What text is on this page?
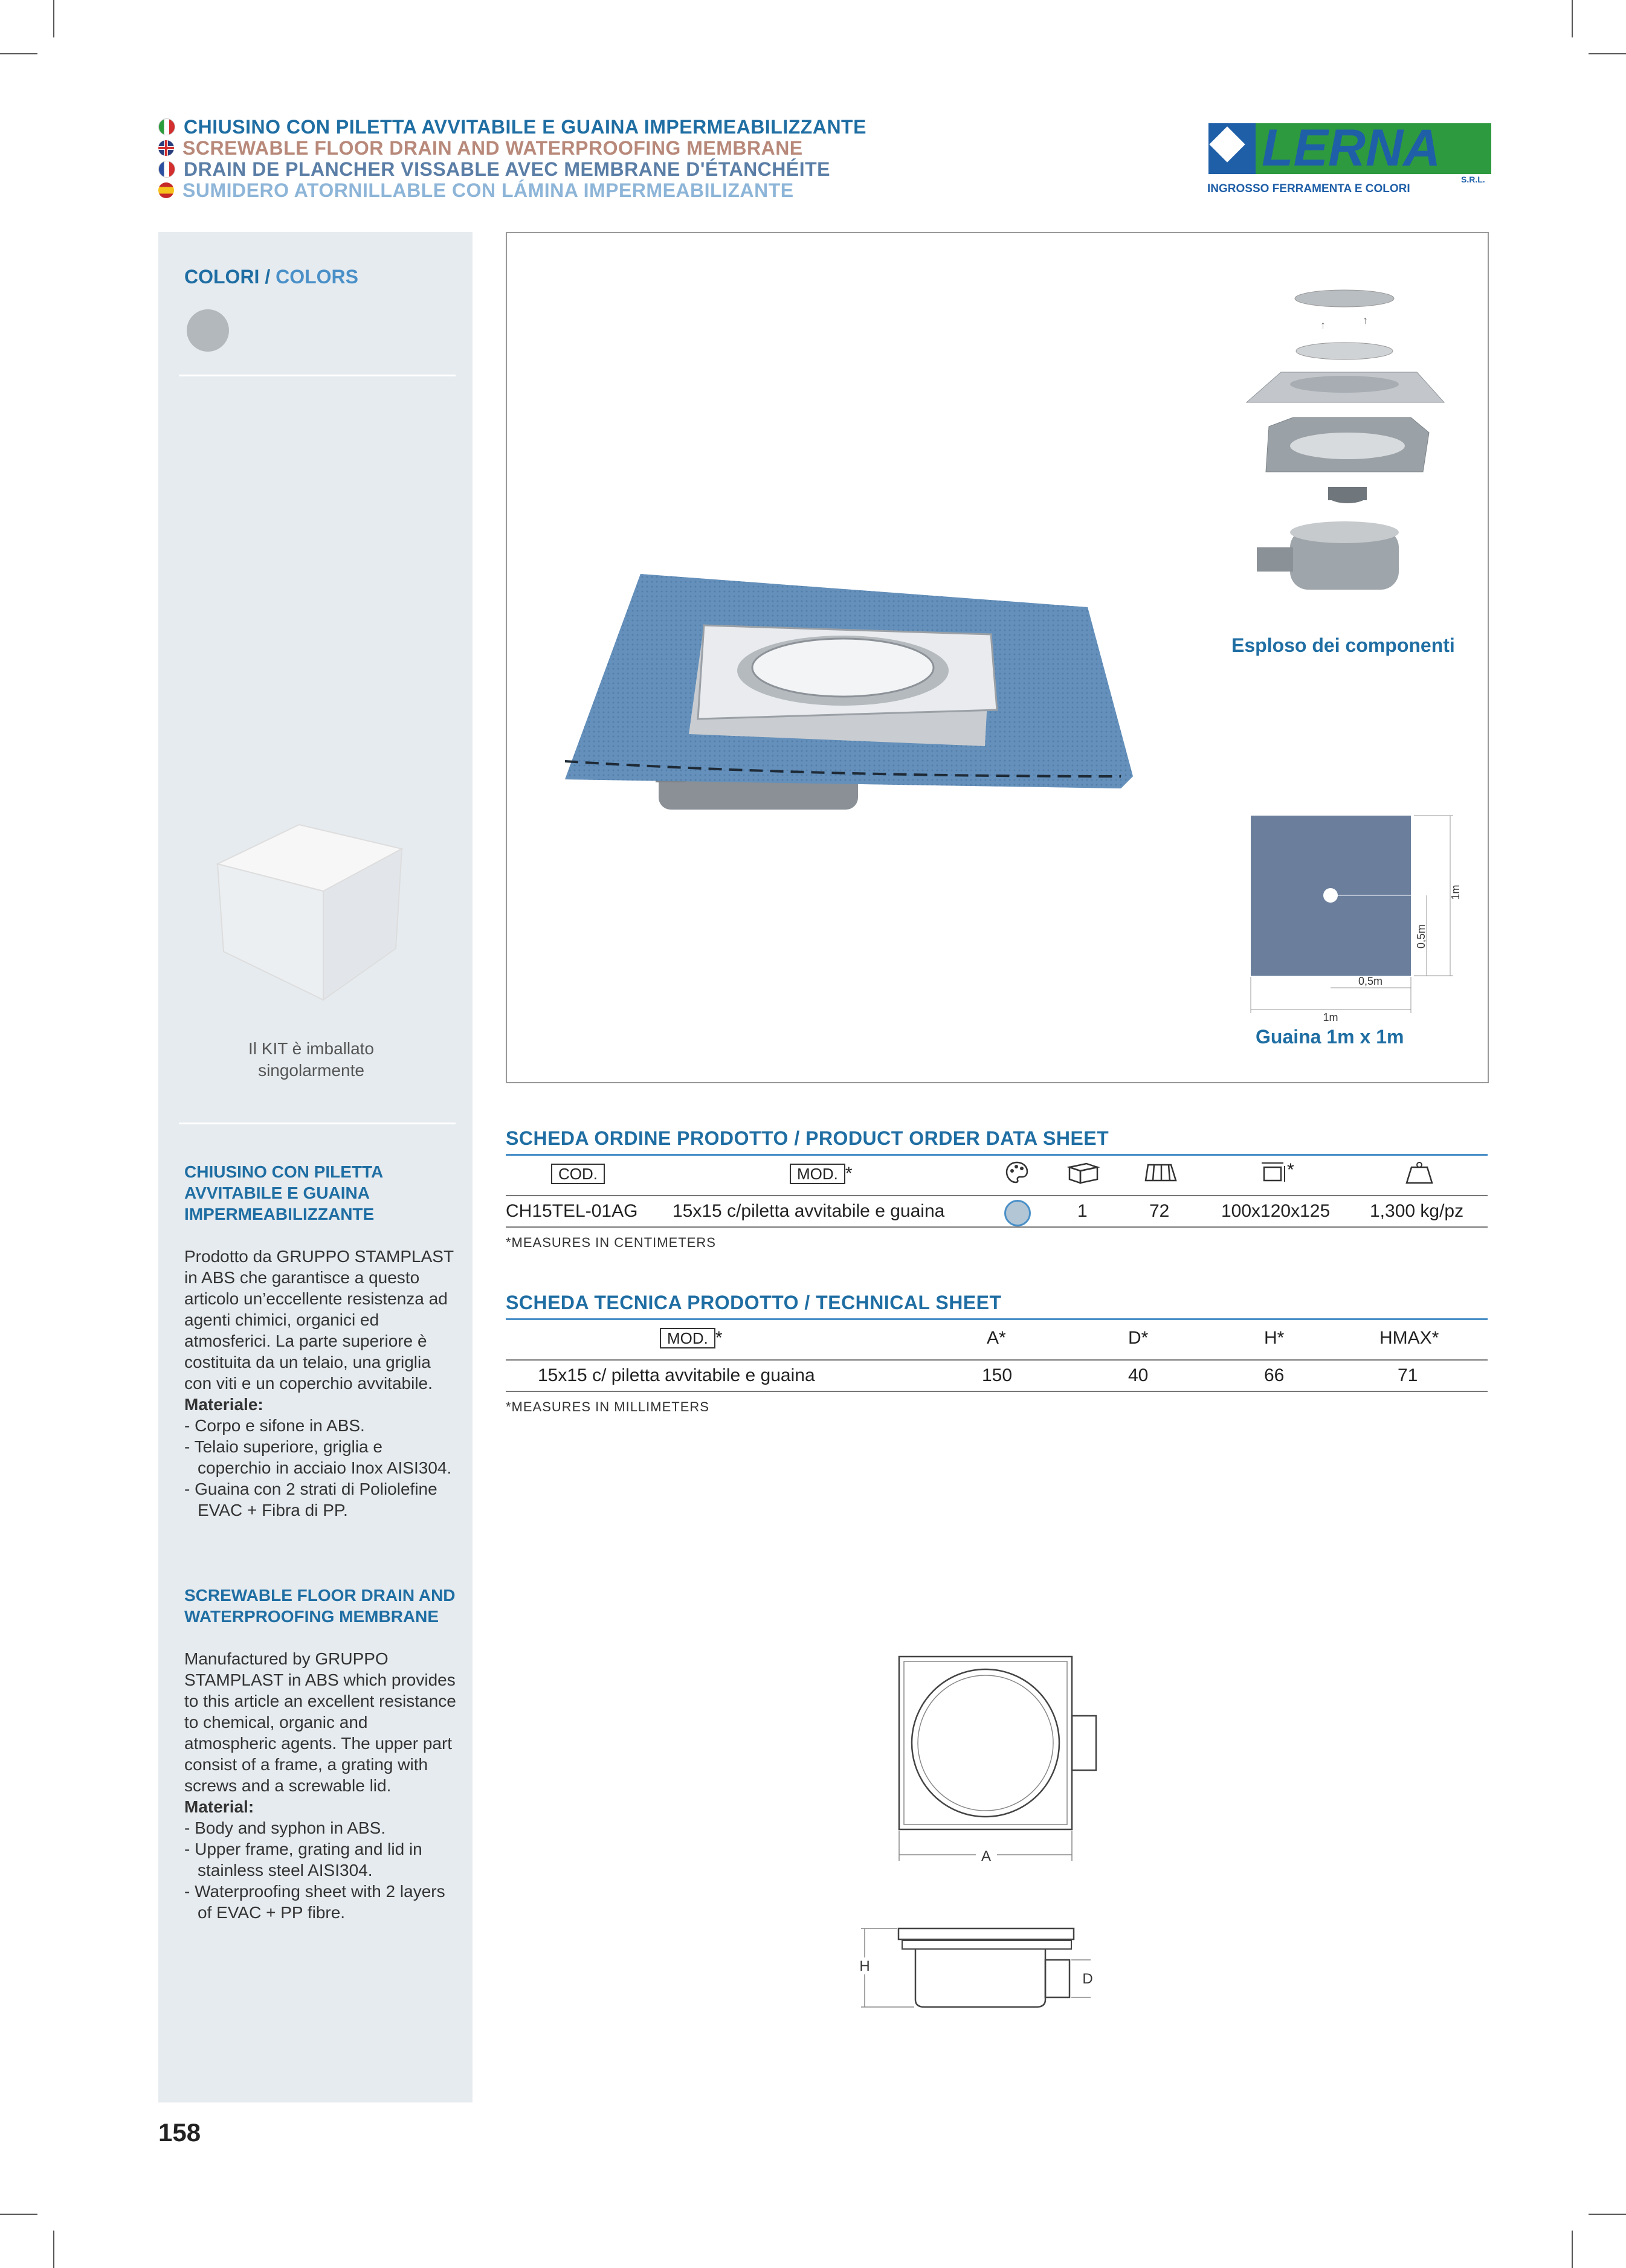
CHIUSINO CON PILETTA AVVITABILE E GUAINA IMPERMEABILIZZANTE
SCREWABLE FLOOR DRAIN AND WATERPROOFING MEMBRANE
DRAIN DE PLANCHER VISSABLE AVEC MEMBRANE D'ÉTANCHÉITE
SUMIDERO ATORNILLABLE CON LÁMINA IMPERMEABILIZANTE
LERNA
S.R.L.
INGROSSO FERRAMENTA E COLORI
COLORI / COLORS
Il KIT è imballato singolarmente
CHIUSINO CON PILETTA AVVITABILE E GUAINA IMPERMEABILIZZANTE
Prodotto da GRUPPO STAMPLAST in ABS che garantisce a questo articolo un’eccellente resistenza ad agenti chimici, organici ed atmosferici. La parte superiore è costituita da un telaio, una griglia con viti e un coperchio avvitabile.
Materiale:
- Corpo e sifone in ABS.
- Telaio superiore, griglia e coperchio in acciaio Inox AISI304.
- Guaina con 2 strati di Poliolefine EVAC + Fibra di PP.
SCREWABLE FLOOR DRAIN AND WATERPROOFING MEMBRANE
Manufactured by GRUPPO STAMPLAST in ABS which provides to this article an excellent resistance to chemical, organic and atmospheric agents. The upper part consist of a frame, a grating with screws and a screwable lid.
Material:
- Body and syphon in ABS.
- Upper frame, grating and lid in stainless steel AISI304.
- Waterproofing sheet with 2 layers of EVAC + PP fibre.
↑	↑
Esploso dei componenti
1m
0,5m
1m
0,5m
Guaina 1m x 1m
SCHEDA ORDINE PRODOTTO / PRODUCT ORDER DATA SHEET
COD.	MOD. *	*
CH15TEL-01AG 15x15 c/piletta avvitabile e guaina	1	72	100x120x125 1,300 kg/pz
*MEASURES IN CENTIMETERS
SCHEDA TECNICA PRODOTTO / TECHNICAL SHEET
MOD. *	A*	D*	H*	HMAX*
15x15 c/ piletta avvitabile e guaina	150	40	66	71
*MEASURES IN MILLIMETERS
A
H
D
158
